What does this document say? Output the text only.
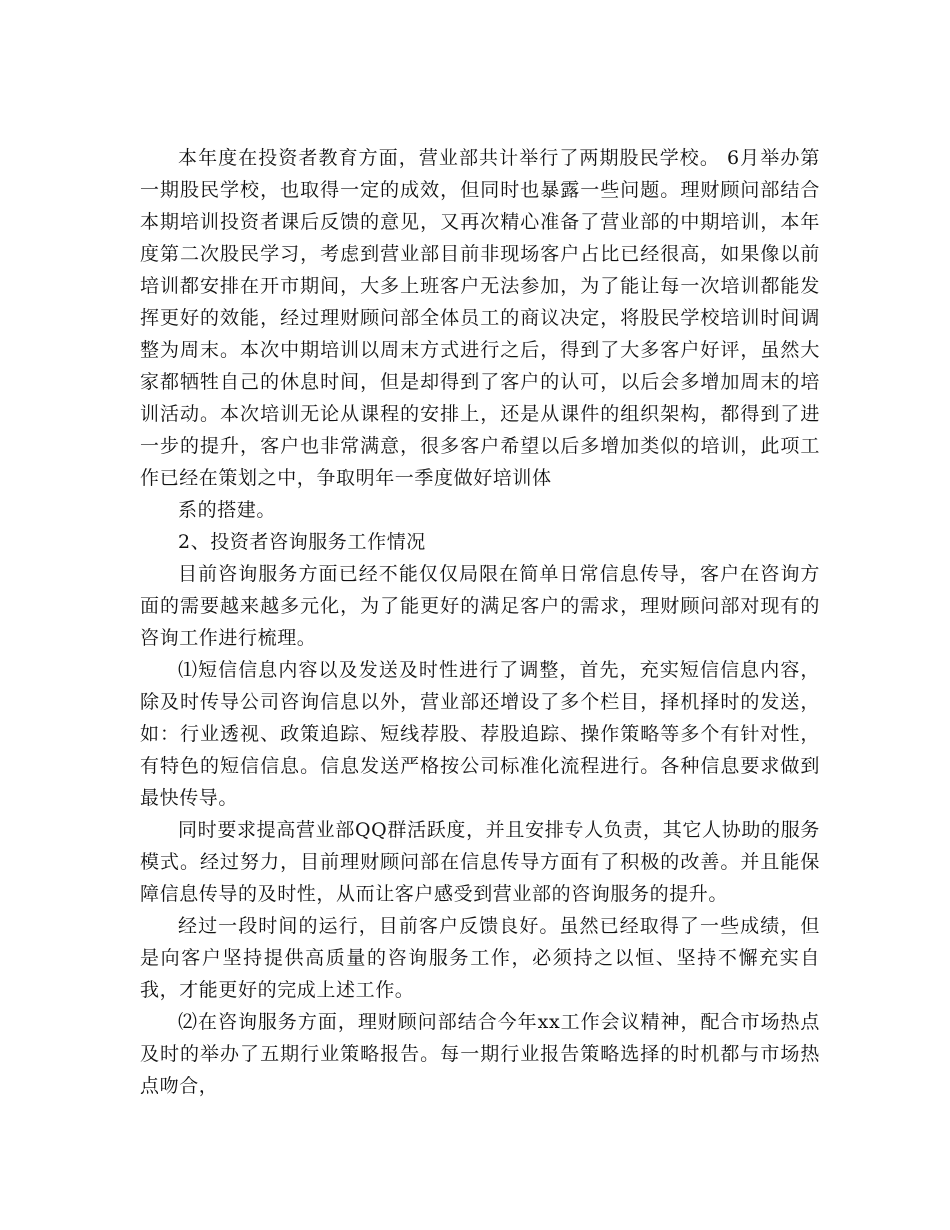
本年度在投资者教育方面，营业部共计举行了两期股民学校。 6月举办第一期股民学校，也取得一定的成效，但同时也暴露一些问题。理财顾问部结合本期培训投资者课后反馈的意见，又再次精心准备了营业部的中期培训，本年度第二次股民学习，考虑到营业部目前非现场客户占比已经很高，如果像以前培训都安排在开市期间，大多上班客户无法参加，为了能让每一次培训都能发挥更好的效能，经过理财顾问部全体员工的商议决定，将股民学校培训时间调整为周末。本次中期培训以周末方式进行之后，得到了大多客户好评，虽然大家都牺牲自己的休息时间，但是却得到了客户的认可，以后会多增加周末的培训活动。本次培训无论从课程的安排上，还是从课件的组织架构，都得到了进一步的提升，客户也非常满意，很多客户希望以后多增加类似的培训，此项工作已经在策划之中，争取明年一季度做好培训体

系的搭建。

2、投资者咨询服务工作情况

目前咨询服务方面已经不能仅仅局限在简单日常信息传导，客户在咨询方面的需要越来越多元化，为了能更好的满足客户的需求，理财顾问部对现有的咨询工作进行梳理。

⑴短信信息内容以及发送及时性进行了调整，首先，充实短信信息内容，除及时传导公司咨询信息以外，营业部还增设了多个栏目，择机择时的发送，如：行业透视、政策追踪、短线荐股、荐股追踪、操作策略等多个有针对性，有特色的短信信息。信息发送严格按公司标准化流程进行。各种信息要求做到最快传导。

同时要求提高营业部QQ群活跃度，并且安排专人负责，其它人协助的服务模式。经过努力，目前理财顾问部在信息传导方面有了积极的改善。并且能保障信息传导的及时性，从而让客户感受到营业部的咨询服务的提升。

经过一段时间的运行，目前客户反馈良好。虽然已经取得了一些成绩，但是向客户坚持提供高质量的咨询服务工作，必须持之以恒、坚持不懈充实自我，才能更好的完成上述工作。

⑵在咨询服务方面，理财顾问部结合今年xx工作会议精神，配合市场热点及时的举办了五期行业策略报告。每一期行业报告策略选择的时机都与市场热点吻合，
